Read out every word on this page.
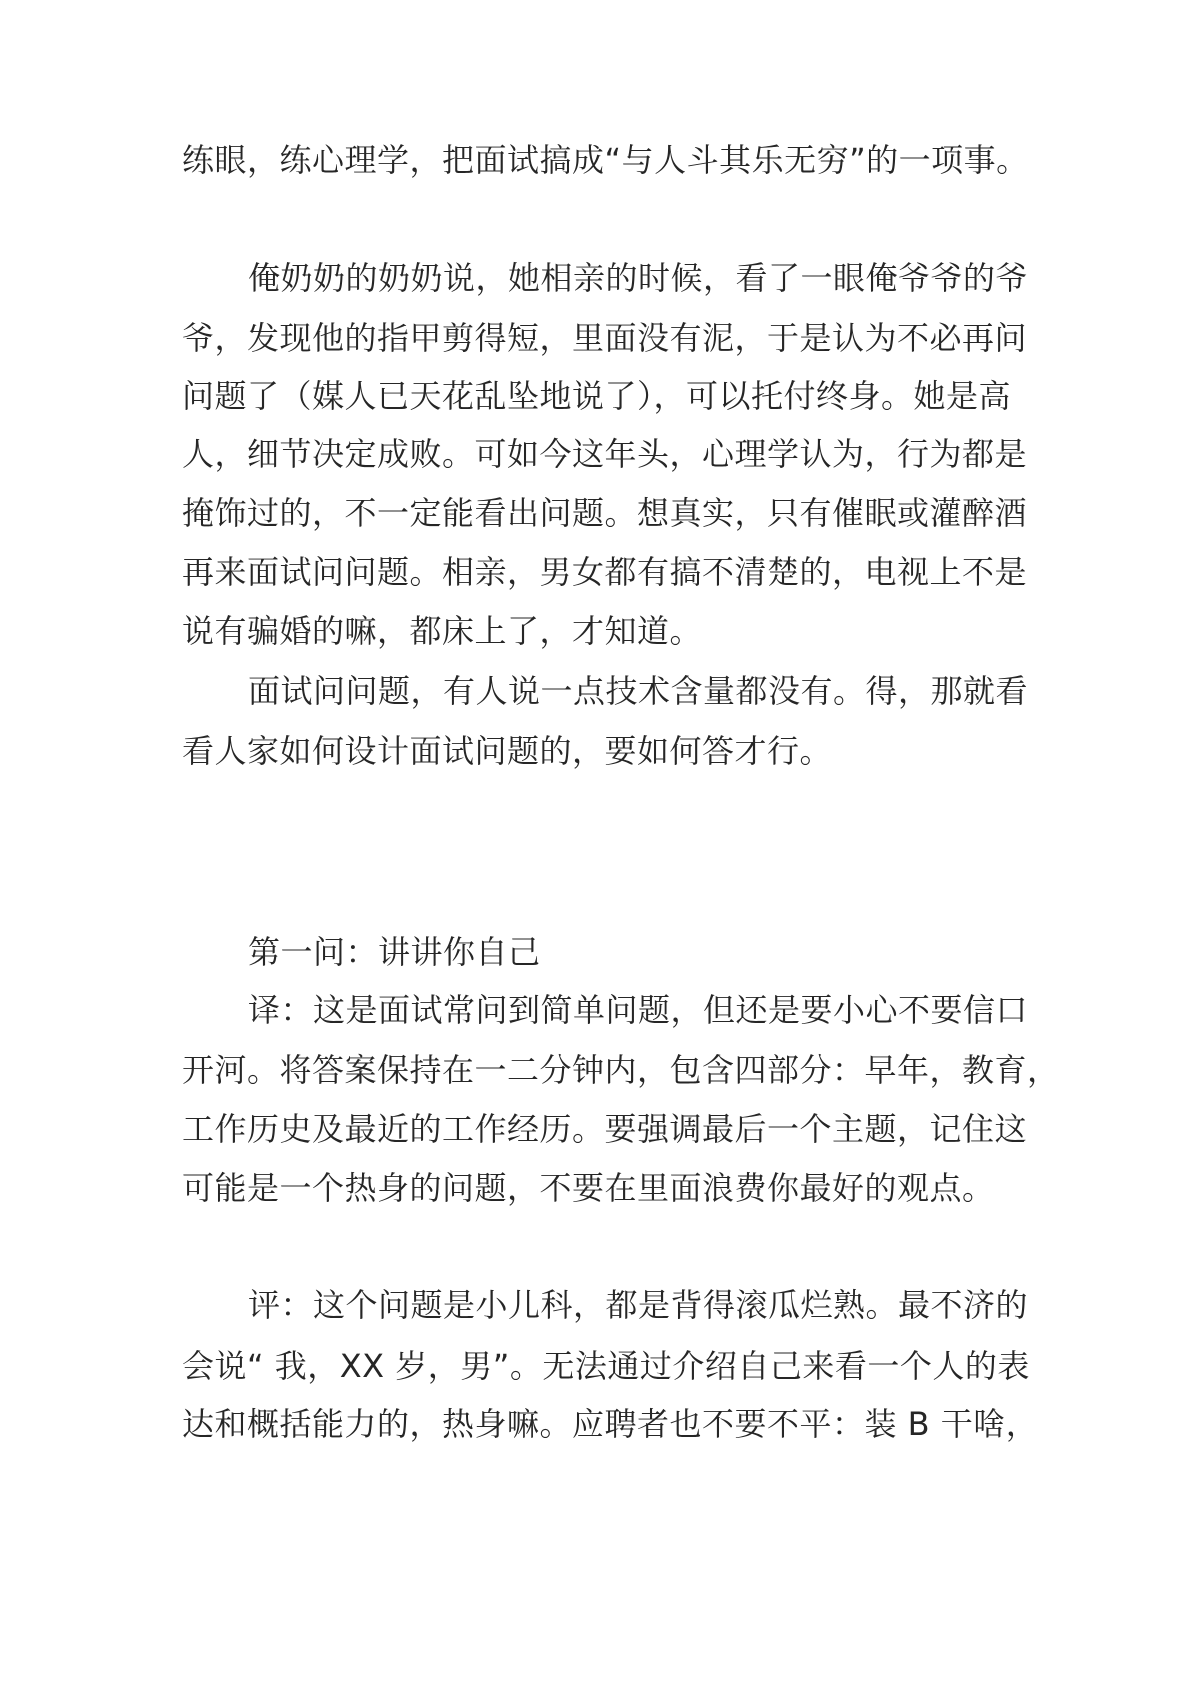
练眼，练心理学，把面试搞成“与人斗其乐无穷”的一项事。
俺奶奶的奶奶说，她相亲的时候，看了一眼俺爷爷的爷
爷，发现他的指甲剪得短，里面没有泥，于是认为不必再问
问题了（媒人已天花乱坠地说了），可以托付终身。她是高
人，细节决定成败。可如今这年头，心理学认为，行为都是
掩饰过的，不一定能看出问题。想真实，只有催眠或灌醉酒
再来面试问问题。相亲，男女都有搞不清楚的，电视上不是
说有骗婚的嘛，都床上了，才知道。
面试问问题，有人说一点技术含量都没有。得，那就看
看人家如何设计面试问题的，要如何答才行。
第一问：讲讲你自己
译：这是面试常问到简单问题，但还是要小心不要信口
开河。将答案保持在一二分钟内，包含四部分：早年，教育，
工作历史及最近的工作经历。要强调最后一个主题，记住这
可能是一个热身的问题，不要在里面浪费你最好的观点。
评：这个问题是小儿科，都是背得滚瓜烂熟。最不济的
会说“ 我，XX 岁，男”。无法通过介绍自己来看一个人的表
达和概括能力的，热身嘛。应聘者也不要不平：装 B 干啥，
